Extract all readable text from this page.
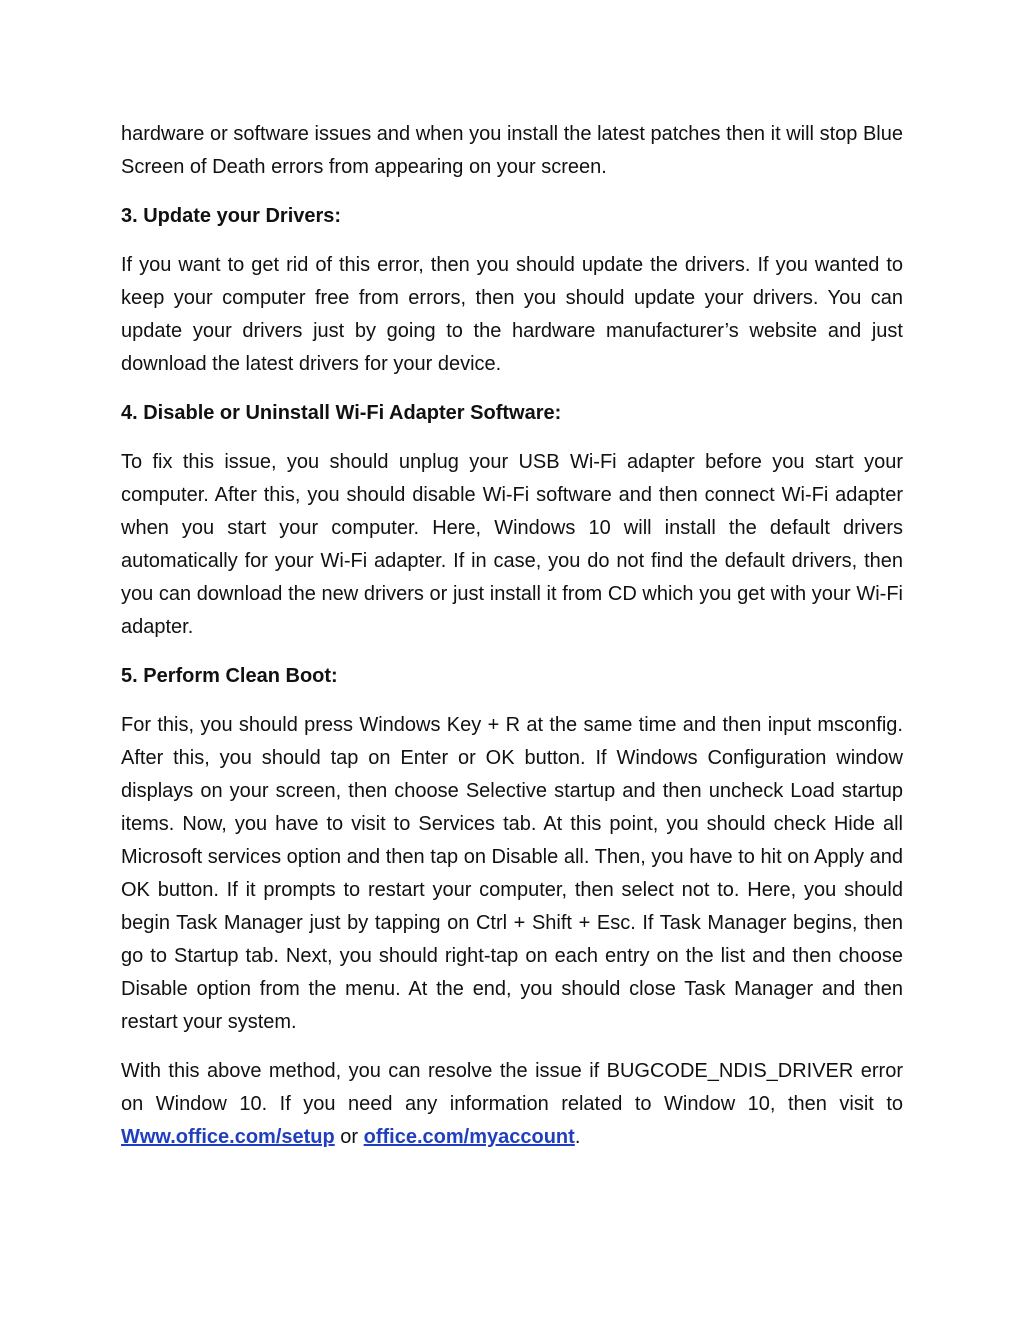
hardware or software issues and when you install the latest patches then it will stop Blue Screen of Death errors from appearing on your screen.

3. Update your Drivers:

If you want to get rid of this error, then you should update the drivers. If you wanted to keep your computer free from errors, then you should update your drivers. You can update your drivers just by going to the hardware manufacturer’s website and just download the latest drivers for your device.

4. Disable or Uninstall Wi-Fi Adapter Software:

To fix this issue, you should unplug your USB Wi-Fi adapter before you start your computer. After this, you should disable Wi-Fi software and then connect Wi-Fi adapter when you start your computer. Here, Windows 10 will install the default drivers automatically for your Wi-Fi adapter. If in case, you do not find the default drivers, then you can download the new drivers or just install it from CD which you get with your Wi-Fi adapter.

5. Perform Clean Boot:

For this, you should press Windows Key + R at the same time and then input msconfig. After this, you should tap on Enter or OK button. If Windows Configuration window displays on your screen, then choose Selective startup and then uncheck Load startup items. Now, you have to visit to Services tab. At this point, you should check Hide all Microsoft services option and then tap on Disable all. Then, you have to hit on Apply and OK button. If it prompts to restart your computer, then select not to. Here, you should begin Task Manager just by tapping on Ctrl + Shift + Esc. If Task Manager begins, then go to Startup tab. Next, you should right-tap on each entry on the list and then choose Disable option from the menu. At the end, you should close Task Manager and then restart your system.

With this above method, you can resolve the issue if BUGCODE_NDIS_DRIVER error on Window 10. If you need any information related to Window 10, then visit to Www.office.com/setup or office.com/myaccount.
